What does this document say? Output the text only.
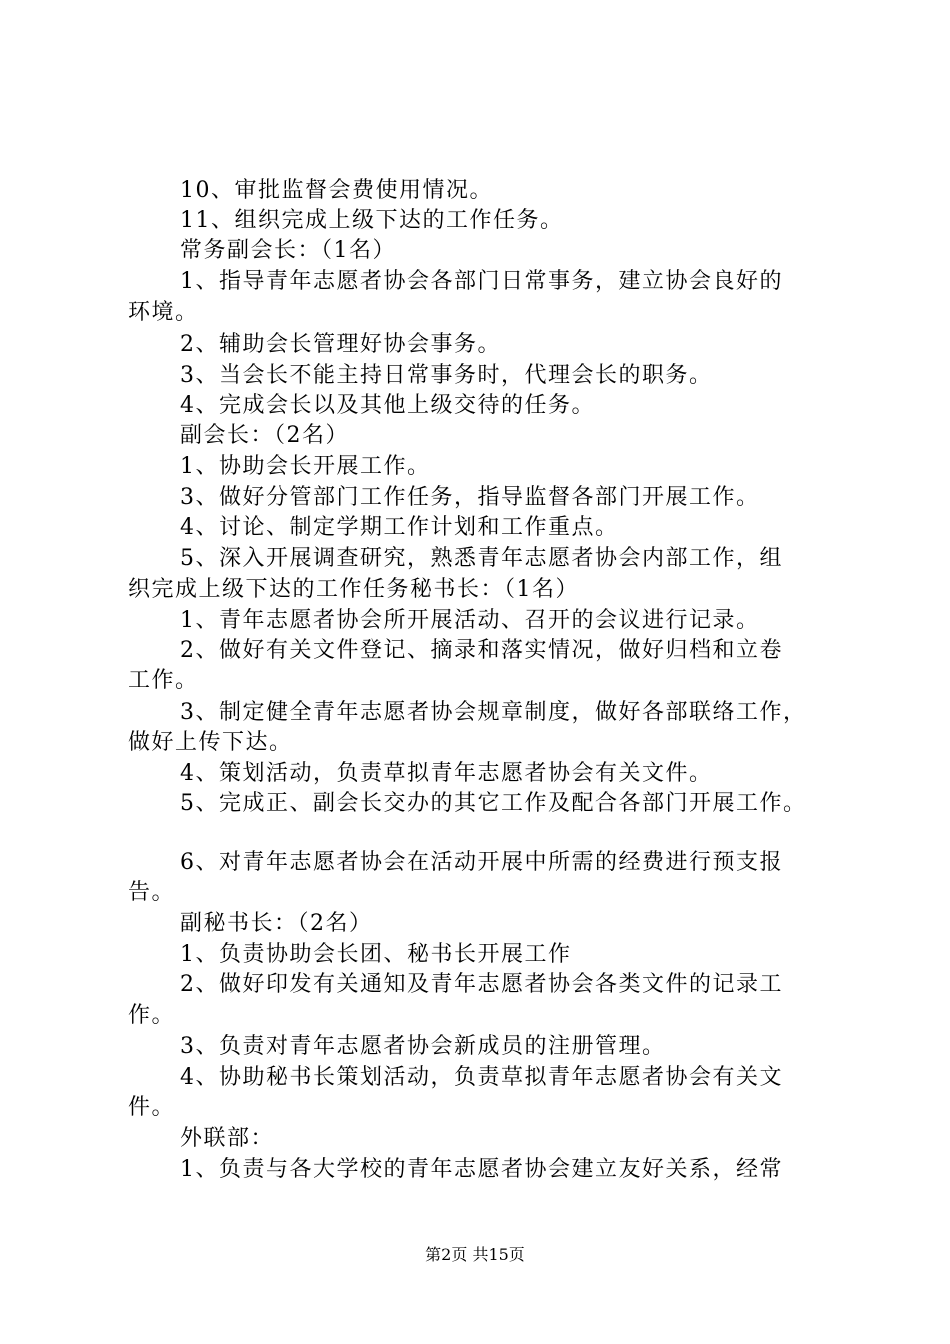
10、审批监督会费使用情况。
11、组织完成上级下达的工作任务。
常务副会长：（1名）
1、指导青年志愿者协会各部门日常事务，建立协会良好的
环境。
2、辅助会长管理好协会事务。
3、当会长不能主持日常事务时，代理会长的职务。
4、完成会长以及其他上级交待的任务。
副会长：（2名）
1、协助会长开展工作。
3、做好分管部门工作任务，指导监督各部门开展工作。
4、讨论、制定学期工作计划和工作重点。
5、深入开展调查研究，熟悉青年志愿者协会内部工作，组
织完成上级下达的工作任务秘书长：（1名）
1、青年志愿者协会所开展活动、召开的会议进行记录。
2、做好有关文件登记、摘录和落实情况，做好归档和立卷
工作。
3、制定健全青年志愿者协会规章制度，做好各部联络工作，
做好上传下达。
4、策划活动，负责草拟青年志愿者协会有关文件。
5、完成正、副会长交办的其它工作及配合各部门开展工作。
6、对青年志愿者协会在活动开展中所需的经费进行预支报
告。
副秘书长：（2名）
1、负责协助会长团、秘书长开展工作
2、做好印发有关通知及青年志愿者协会各类文件的记录工
作。
3、负责对青年志愿者协会新成员的注册管理。
4、协助秘书长策划活动，负责草拟青年志愿者协会有关文
件。
外联部：
1、负责与各大学校的青年志愿者协会建立友好关系，经常
第2页 共15页
